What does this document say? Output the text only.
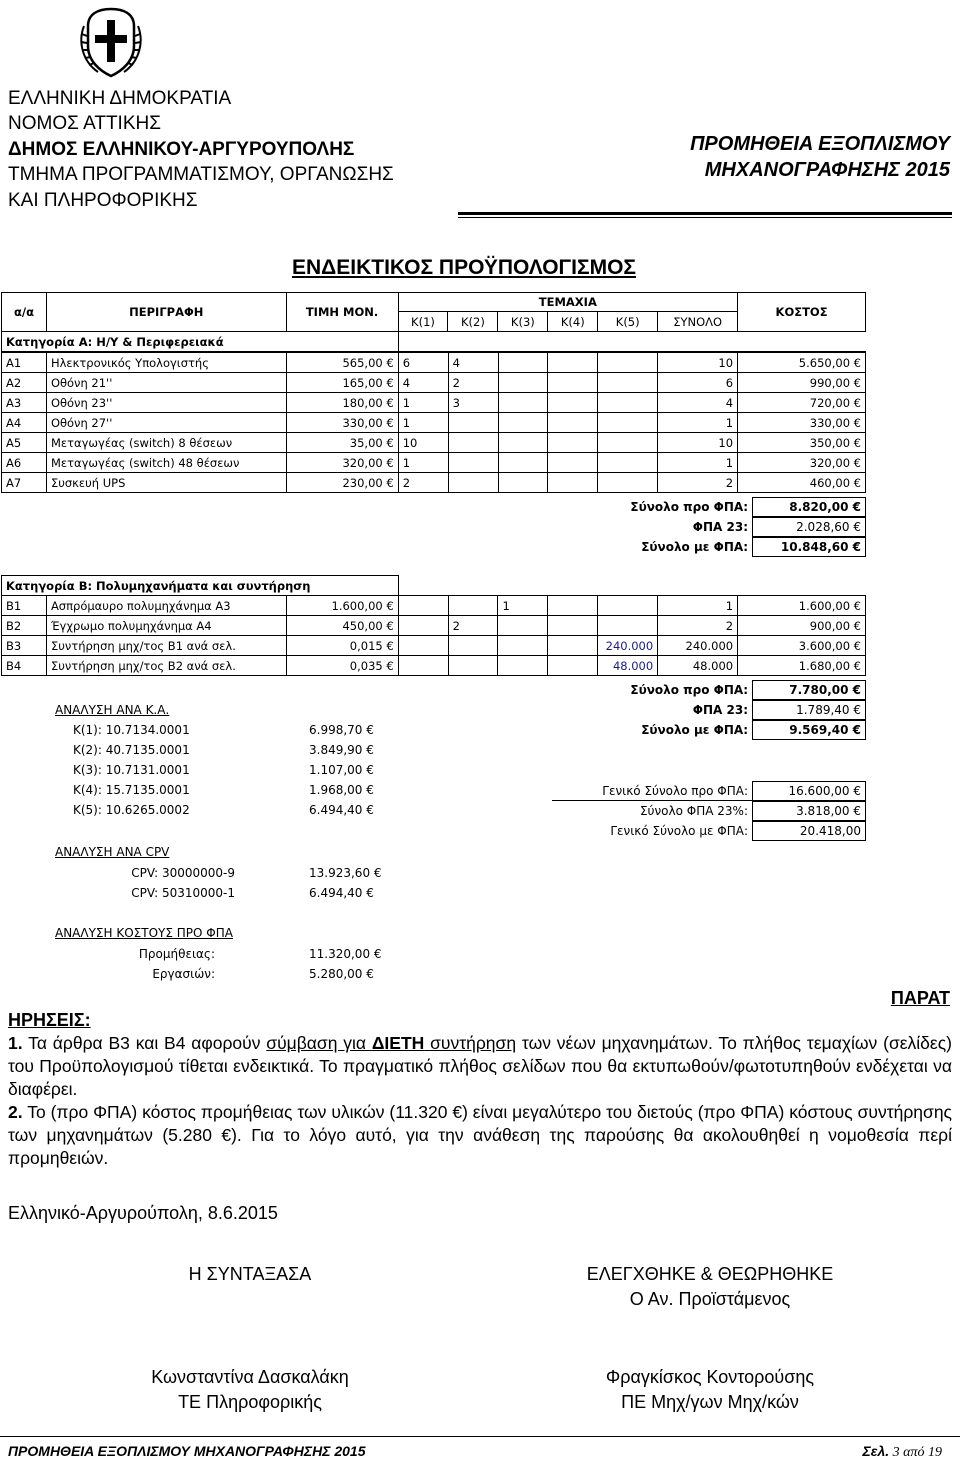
ΕΛΛΗΝΙΚΗ ΔΗΜΟΚΡΑΤΙΑ
ΝΟΜΟΣ ΑΤΤΙΚΗΣ
ΔΗΜΟΣ ΕΛΛΗΝΙΚΟΥ-ΑΡΓΥΡΟΥΠΟΛΗΣ
ΤΜΗΜΑ ΠΡΟΓΡΑΜΜΑΤΙΣΜΟΥ, ΟΡΓΑΝΩΣΗΣ
ΚΑΙ ΠΛΗΡΟΦΟΡΙΚΗΣ
ΠΡΟΜΗΘΕΙΑ ΕΞΟΠΛΙΣΜΟΥ
ΜΗΧΑΝΟΓΡΑΦΗΣΗΣ 2015
ΕΝΔΕΙΚΤΙΚΟΣ ΠΡΟΫΠΟΛΟΓΙΣΜΟΣ
α/α	ΠΕΡΙΓΡΑΦΗ	ΤΙΜΗ ΜΟΝ.	ΤΕΜΑΧΙΑ						ΚΟΣΤΟΣ
			K(1)	K(2)	K(3)	K(4)	K(5)	ΣΥΝΟΛΟ	
Κατηγορία Α: Η/Υ & Περιφερειακά									
Α1	Ηλεκτρονικός Υπολογιστής	565,00 €	6	4				10	5.650,00 €
Α2	Οθόνη 21''	165,00 €	4	2				6	990,00 €
Α3	Οθόνη 23''	180,00 €	1	3				4	720,00 €
Α4	Οθόνη 27''	330,00 €	1					1	330,00 €
Α5	Μεταγωγέας (switch) 8 θέσεων	35,00 €	10					10	350,00 €
Α6	Μεταγωγέας (switch) 48 θέσεων	320,00 €	1					1	320,00 €
Α7	Συσκευή UPS	230,00 €	2					2	460,00 €
Σύνολο προ ΦΠΑ:	8.820,00 €
ΦΠΑ 23:	2.028,60 €
Σύνολο με ΦΠΑ:	10.848,60 €
Κατηγορία Β: Πολυμηχανήματα και συντήρηση									
Β1	Ασπρόμαυρο πολυμηχάνημα Α3	1.600,00 €			1			1	1.600,00 €
Β2	Έγχρωμο πολυμηχάνημα Α4	450,00 €		2				2	900,00 €
Β3	Συντήρηση μηχ/τος Β1 ανά σελ.	0,015 €					240.000	240.000	3.600,00 €
Β4	Συντήρηση μηχ/τος Β2 ανά σελ.	0,035 €					48.000	48.000	1.680,00 €
Σύνολο προ ΦΠΑ:	7.780,00 €
ΦΠΑ 23:	1.789,40 €
Σύνολο με ΦΠΑ:	9.569,40 €
ΑΝΑΛΥΣΗ ΑΝΑ Κ.Α.
Κ(1): 10.7134.0001	6.998,70 €
Κ(2): 40.7135.0001	3.849,90 €
Κ(3): 10.7131.0001	1.107,00 €
Κ(4): 15.7135.0001	1.968,00 €
Κ(5): 10.6265.0002	6.494,40 €
Γενικό Σύνολο προ ΦΠΑ:	16.600,00 €
Σύνολο ΦΠΑ 23%:	3.818,00 €
Γενικό Σύνολο με ΦΠΑ:	20.418,00
ΑΝΑΛΥΣΗ ΑΝΑ CPV
CPV: 30000000-9	13.923,60 €
CPV: 50310000-1	6.494,40 €
ΑΝΑΛΥΣΗ ΚΟΣΤΟΥΣ ΠΡΟ ΦΠΑ
Προμήθειας:	11.320,00 €
Εργασιών:	5.280,00 €
ΠΑΡΑΤ
ΗΡΗΣΕΙΣ:

1. Τα άρθρα Β3 και Β4 αφορούν σύμβαση για ΔΙΕΤΗ συντήρηση των νέων μηχανημάτων. Το πλήθος τεμαχίων (σελίδες) του Προϋπολογισμού τίθεται ενδεικτικά. Το πραγματικό πλήθος σελίδων που θα εκτυπωθούν/φωτοτυπηθούν ενδέχεται να διαφέρει.

2. Το (προ ΦΠΑ) κόστος προμήθειας των υλικών (11.320 €) είναι μεγαλύτερο του διετούς (προ ΦΠΑ) κόστους συντήρησης των μηχανημάτων (5.280 €). Για το λόγο αυτό, για την ανάθεση της παρούσης θα ακολουθηθεί η νομοθεσία περί προμηθειών.

Ελληνικό-Αργυρούπολη, 8.6.2015
Η ΣΥΝΤΑΞΑΣΑ	ΕΛΕΓΧΘΗΚΕ & ΘΕΩΡΗΘΗΚΕ
Ο Αν. Προϊστάμενος
Κωνσταντίνα Δασκαλάκη
ΤΕ Πληροφορικής
Φραγκίσκος Κοντορούσης
ΠΕ Μηχ/γων Μηχ/κών
ΠΡΟΜΗΘΕΙΑ ΕΞΟΠΛΙΣΜΟΥ ΜΗΧΑΝΟΓΡΑΦΗΣΗΣ 2015	Σελ. 3 από 19
